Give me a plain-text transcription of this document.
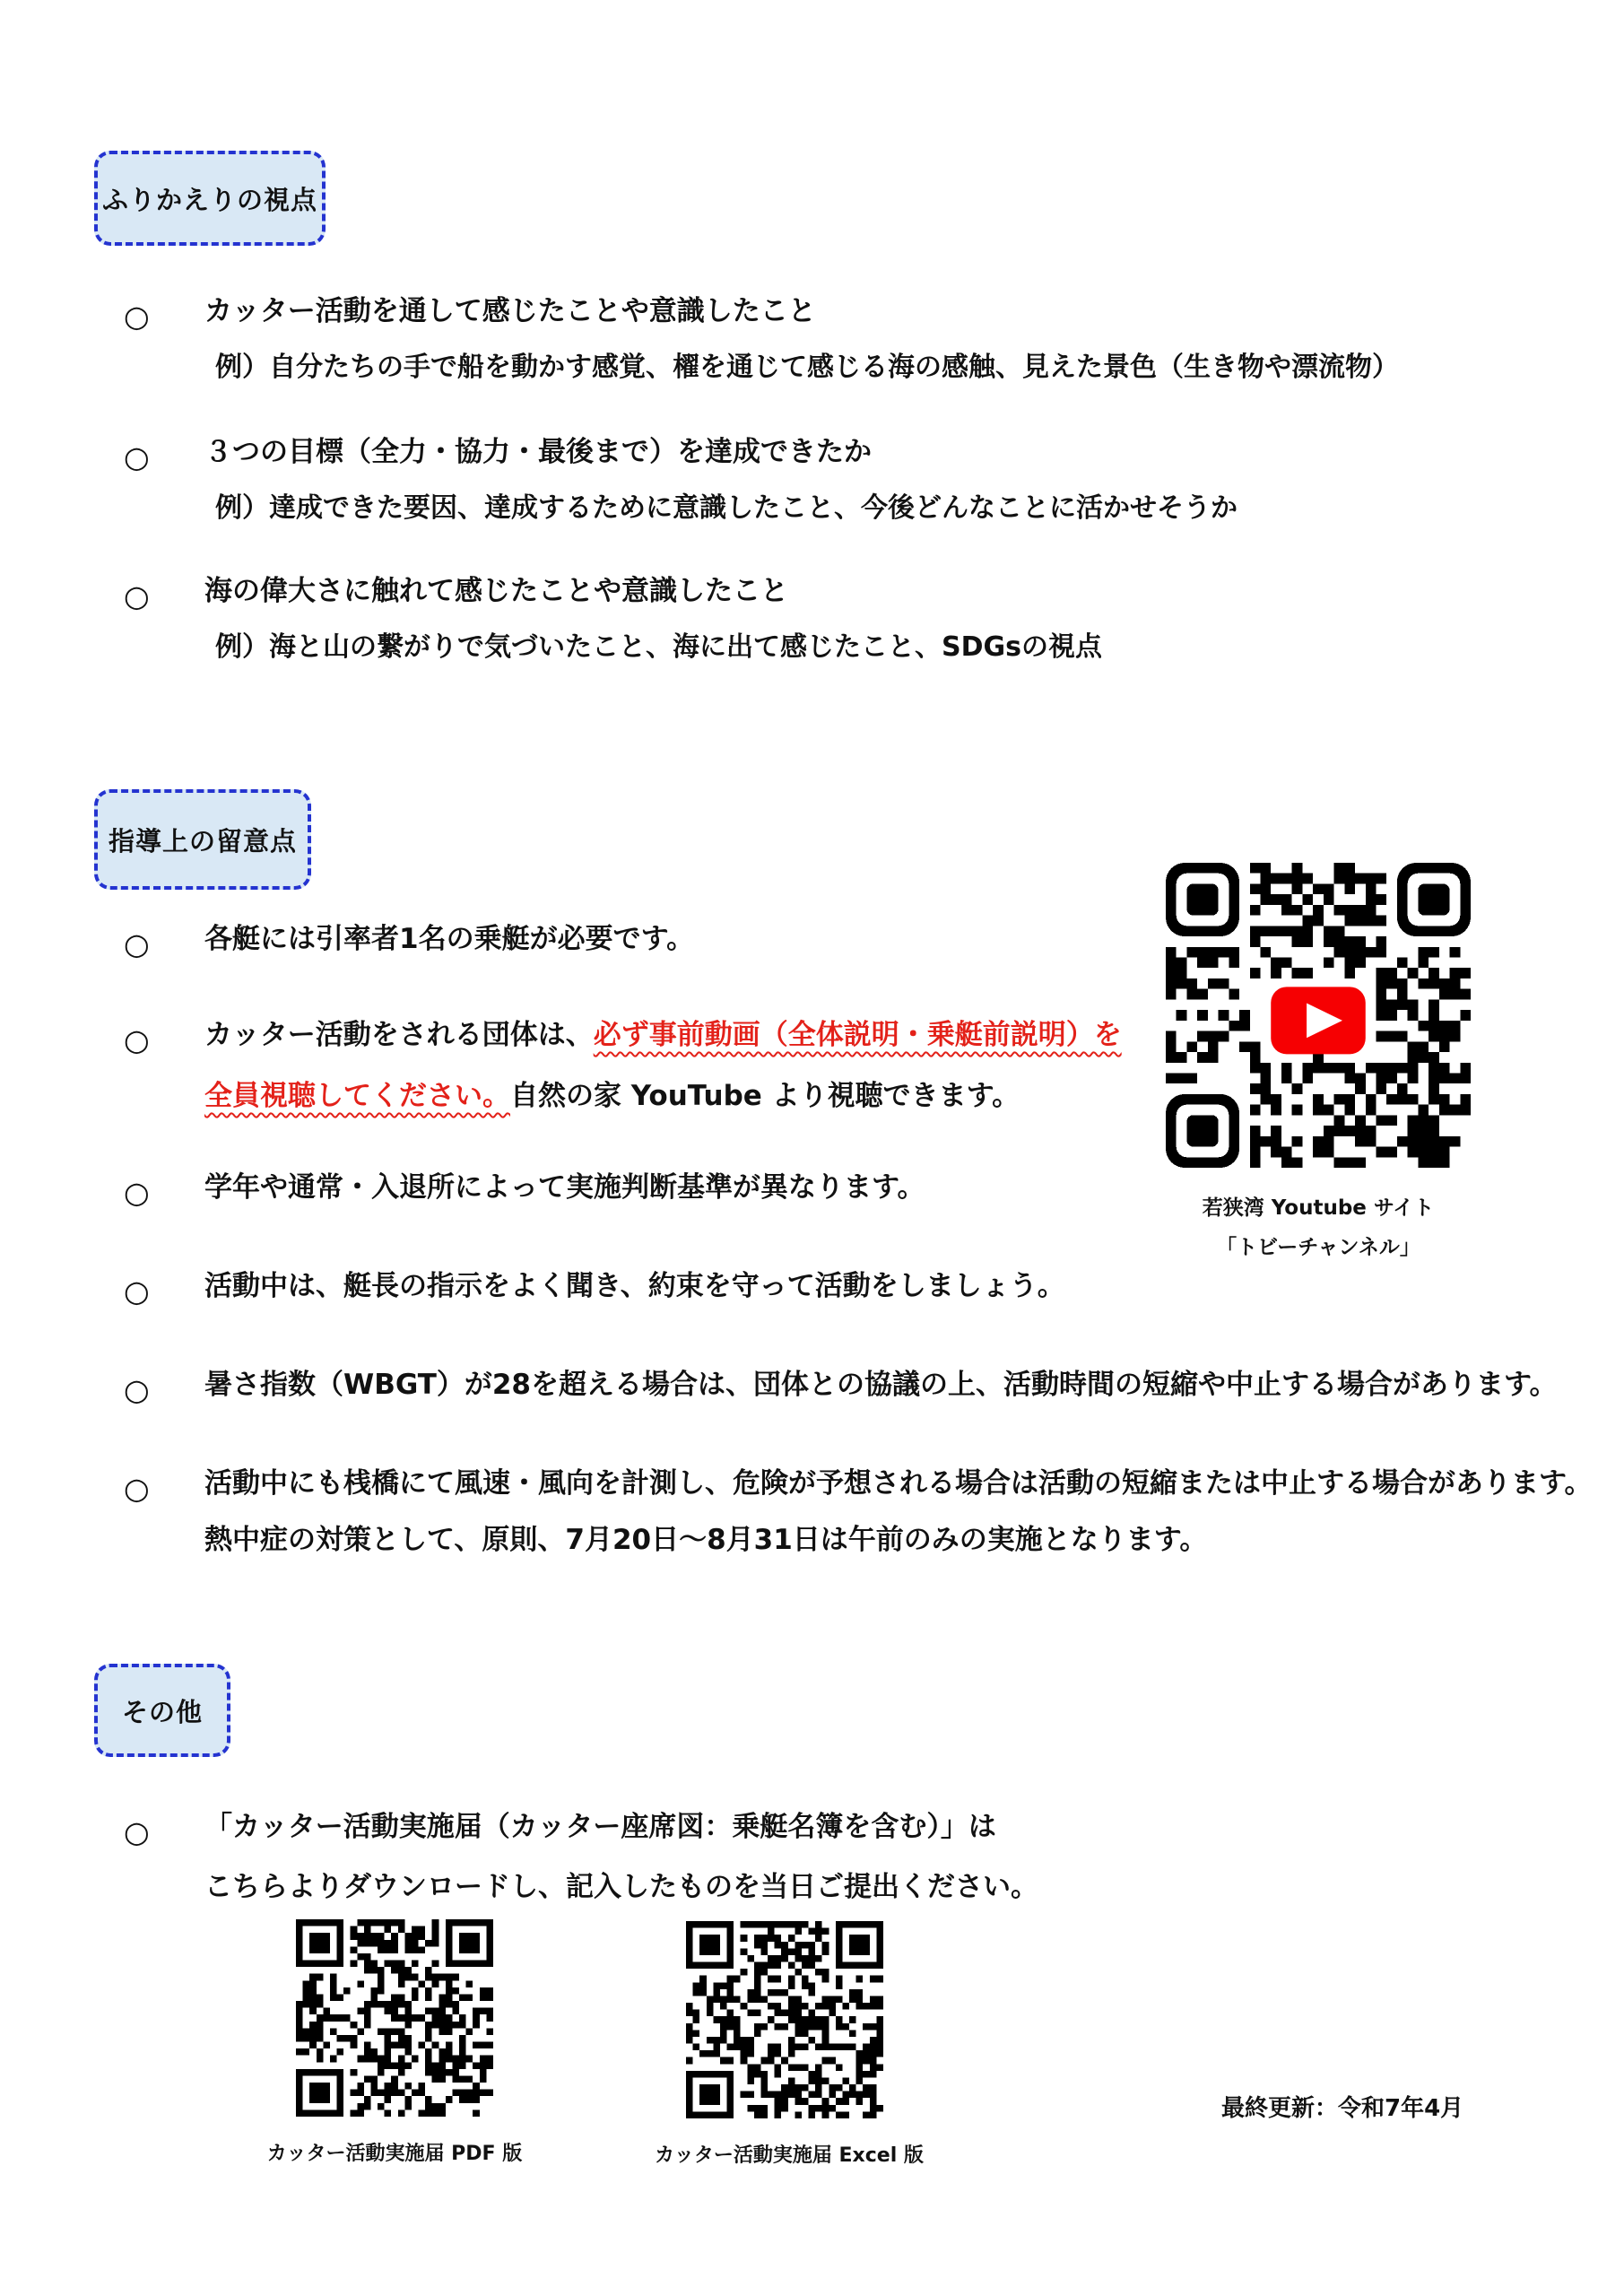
ふりかえりの視点
○ カッター活動を通して感じたことや意識したこと
例）自分たちの手で船を動かす感覚、櫂を通じて感じる海の感触、見えた景色（生き物や漂流物）
○ ３つの目標（全力・協力・最後まで）を達成できたか
例）達成できた要因、達成するために意識したこと、今後どんなことに活かせそうか
○ 海の偉大さに触れて感じたことや意識したこと
例）海と山の繋がりで気づいたこと、海に出て感じたこと、SDGsの視点
指導上の留意点
○ 各艇には引率者1名の乗艇が必要です。
○ カッター活動をされる団体は、必ず事前動画（全体説明・乗艇前説明）を
全員視聴してください。自然の家 YouTube より視聴できます。
○ 学年や通常・入退所によって実施判断基準が異なります。
○ 活動中は、艇長の指示をよく聞き、約束を守って活動をしましょう。
○ 暑さ指数（WBGT）が28を超える場合は、団体との協議の上、活動時間の短縮や中止する場合があります。
○ 活動中にも桟橋にて風速・風向を計測し、危険が予想される場合は活動の短縮または中止する場合があります。
熱中症の対策として、原則、7月20日～8月31日は午前のみの実施となります。
若狭湾 Youtube サイト
「トビーチャンネル」
その他
○ 「カッター活動実施届（カッター座席図：乗艇名簿を含む）」は
こちらよりダウンロードし、記入したものを当日ご提出ください。
カッター活動実施届 PDF 版	カッター活動実施届 Excel 版
最終更新：令和7年4月
